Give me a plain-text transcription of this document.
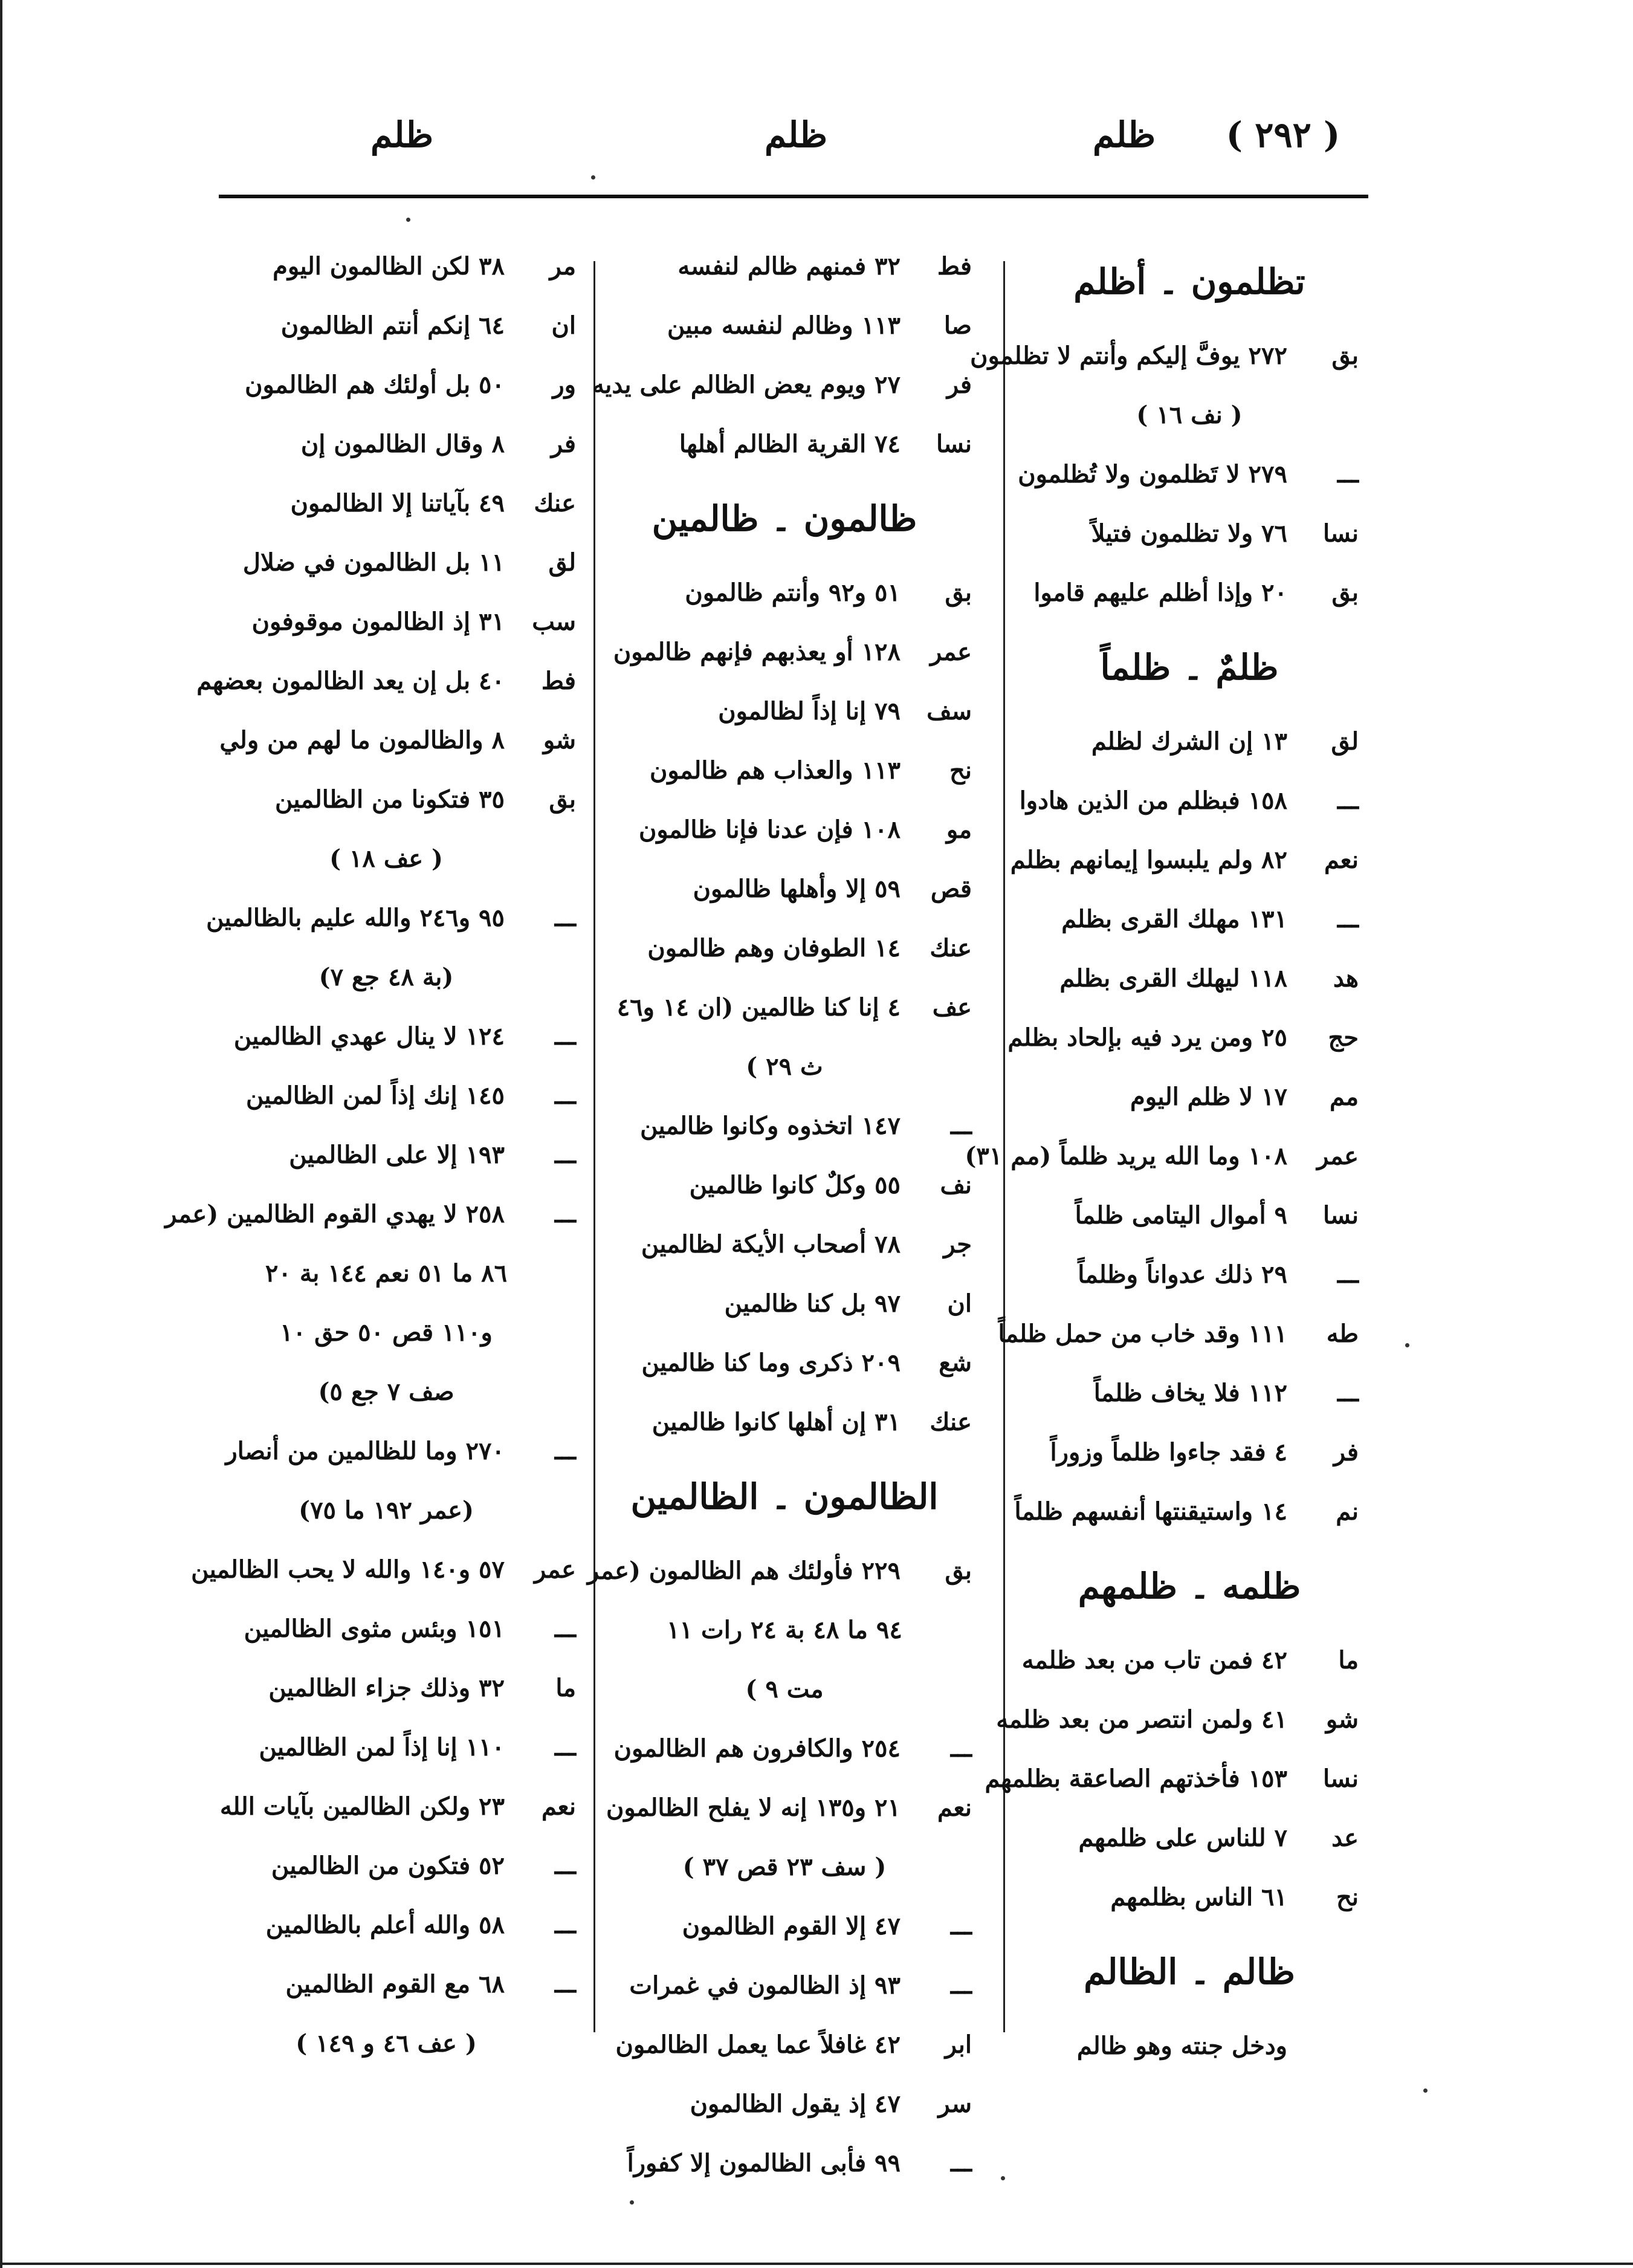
( ٢٩٢ )
ظلم
ظلم
ظلم
تظلمون ۔ أظلم
بق
٢٧٢ يوفَّ إليكم وأنتم لا تظلمون
( نف ١٦ )
ـــ
٢٧٩ لا تَظلمون ولا تُظلمون
نسا
٧٦ ولا تظلمون فتيلاً
بق
٢٠ وإذا أظلم عليهم قاموا
ظلمٌ ۔ ظلماً
لق
١٣ إن الشرك لظلم
ـــ
١٥٨ فبظلم من الذين هادوا
نعم
٨٢ ولم يلبسوا إيمانهم بظلم
ـــ
١٣١ مهلك القرى بظلم
هد
١١٨ ليهلك القرى بظلم
حج
٢٥ ومن يرد فيه بإلحاد بظلم
مم
١٧ لا ظلم اليوم
عمر
١٠٨ وما الله يريد ظلماً (مم ٣١)
نسا
٩ أموال اليتامى ظلماً
ـــ
٢٩ ذلك عدواناً وظلماً
طه
١١١ وقد خاب من حمل ظلماً
ـــ
١١٢ فلا يخاف ظلماً
فر
٤ فقد جاءوا ظلماً وزوراً
نم
١٤ واستيقنتها أنفسهم ظلماً
ظلمه ۔ ظلمهم
ما
٤٢ فمن تاب من بعد ظلمه
شو
٤١ ولمن انتصر من بعد ظلمه
نسا
١٥٣ فأخذتهم الصاعقة بظلمهم
عد
٧ للناس على ظلمهم
نح
٦١ الناس بظلمهم
ظالم ۔ الظالم
ودخل جنته وهو ظالم
فط
٣٢ فمنهم ظالم لنفسه
صا
١١٣ وظالم لنفسه مبين
فر
٢٧ ويوم يعض الظالم على يديه
نسا
٧٤ القرية الظالم أهلها
ظالمون ۔ ظالمين
بق
٥١ و٩٢ وأنتم ظالمون
عمر
١٢٨ أو يعذبهم فإنهم ظالمون
سف
٧٩ إنا إذاً لظالمون
نح
١١٣ والعذاب هم ظالمون
مو
١٠٨ فإن عدنا فإنا ظالمون
قص
٥٩ إلا وأهلها ظالمون
عنك
١٤ الطوفان وهم ظالمون
عف
٤ إنا كنا ظالمين (ان ١٤ و٤٦
ث ٢٩ )
ـــ
١٤٧ اتخذوه وكانوا ظالمين
نف
٥٥ وكلٌ كانوا ظالمين
جر
٧٨ أصحاب الأيكة لظالمين
ان
٩٧ بل كنا ظالمين
شع
٢٠٩ ذكرى وما كنا ظالمين
عنك
٣١ إن أهلها كانوا ظالمين
الظالمون ۔ الظالمين
بق
٢٢٩ فأولئك هم الظالمون (عمر
٩٤ ما ٤٨ بة ٢٤ رات ١١
مت ٩ )
ـــ
٢٥٤ والكافرون هم الظالمون
نعم
٢١ و١٣٥ إنه لا يفلح الظالمون
( سف ٢٣ قص ٣٧ )
ـــ
٤٧ إلا القوم الظالمون
ـــ
٩٣ إذ الظالمون في غمرات
ابر
٤٢ غافلاً عما يعمل الظالمون
سر
٤٧ إذ يقول الظالمون
ـــ
٩٩ فأبى الظالمون إلا كفوراً
مر
٣٨ لكن الظالمون اليوم
ان
٦٤ إنكم أنتم الظالمون
ور
٥٠ بل أولئك هم الظالمون
فر
٨ وقال الظالمون إن
عنك
٤٩ بآياتنا إلا الظالمون
لق
١١ بل الظالمون في ضلال
سب
٣١ إذ الظالمون موقوفون
فط
٤٠ بل إن يعد الظالمون بعضهم
شو
٨ والظالمون ما لهم من ولي
بق
٣٥ فتكونا من الظالمين
( عف ١٨ )
ـــ
٩٥ و٢٤٦ والله عليم بالظالمين
(بة ٤٨ جع ٧)
ـــ
١٢٤ لا ينال عهدي الظالمين
ـــ
١٤٥ إنك إذاً لمن الظالمين
ـــ
١٩٣ إلا على الظالمين
ـــ
٢٥٨ لا يهدي القوم الظالمين (عمر
٨٦ ما ٥١ نعم ١٤٤ بة ٢٠
و١١٠ قص ٥٠ حق ١٠
صف ٧ جع ٥)
ـــ
٢٧٠ وما للظالمين من أنصار
(عمر ١٩٢ ما ٧٥)
عمر
٥٧ و١٤٠ والله لا يحب الظالمين
ـــ
١٥١ وبئس مثوى الظالمين
ما
٣٢ وذلك جزاء الظالمين
ـــ
١١٠ إنا إذاً لمن الظالمين
نعم
٢٣ ولكن الظالمين بآيات الله
ـــ
٥٢ فتكون من الظالمين
ـــ
٥٨ والله أعلم بالظالمين
ـــ
٦٨ مع القوم الظالمين
( عف ٤٦ و ١٤٩ )
